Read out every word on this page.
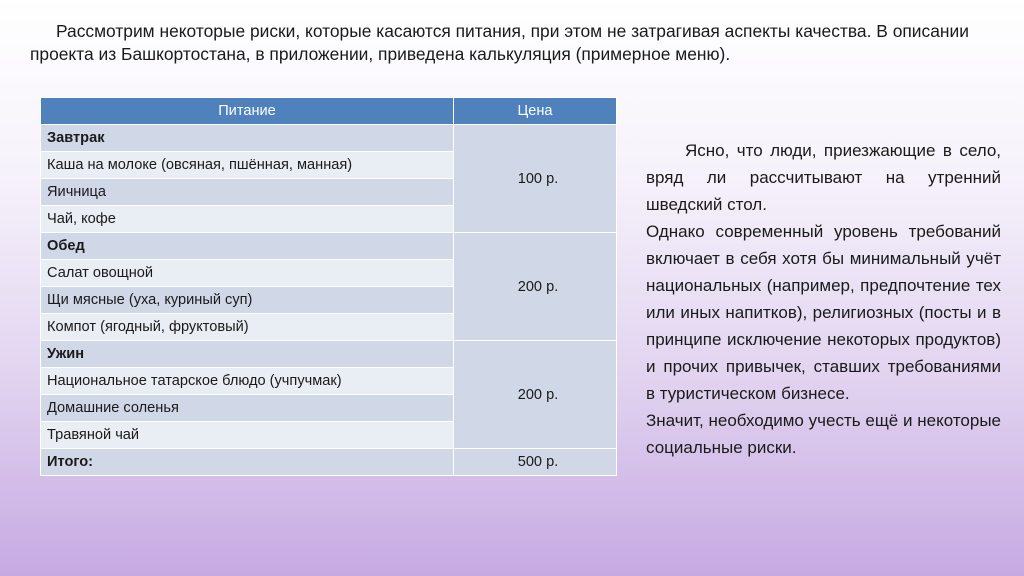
Рассмотрим некоторые риски, которые касаются питания, при этом не затрагивая аспекты качества. В описании проекта из Башкортостана, в приложении, приведена калькуляция (примерное меню).

Питание	Цена
Завтрак	100 р.
Каша на молоке (овсяная, пшённая, манная)	
Яичница	
Чай, кофе	
Обед	200 р.
Салат овощной	
Щи мясные (уха, куриный суп)	
Компот (ягодный, фруктовый)	
Ужин	200 р.
Национальное татарское блюдо (учпучмак)	
Домашние соленья	
Травяной чай	
Итого:	500 р.

Ясно, что люди, приезжающие в село, вряд ли рассчитывают на утренний шведский стол.

Однако современный уровень требований включает в себя хотя бы минимальный учёт национальных (например, предпочтение тех или иных напитков), религиозных (посты и в принципе исключение некоторых продуктов) и прочих привычек, ставших требованиями в туристическом бизнесе.

Значит, необходимо учесть ещё и некоторые социальные риски.
